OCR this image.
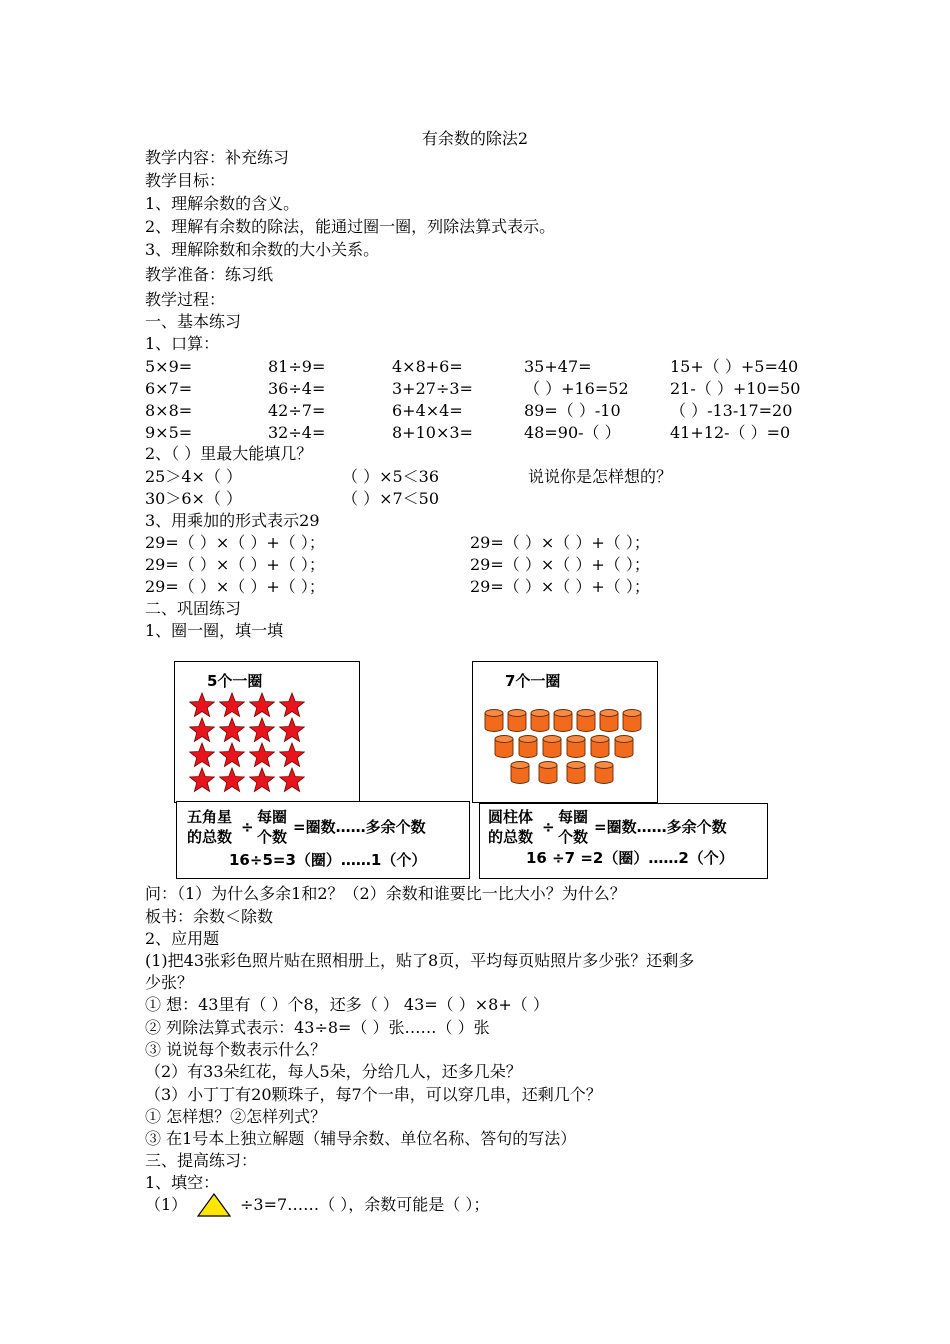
有余数的除法2
教学内容：补充练习
教学目标：
1、理解余数的含义。
2、理解有余数的除法，能通过圈一圈，列除法算式表示。
3、理解除数和余数的大小关系。
教学准备：练习纸
教学过程：
一、基本练习
1、口算：
5×9=	81÷9=	4×8+6=	35+47=	15+（ ）+5=40
6×7=	36÷4=	3+27÷3=	（ ）+16=52	21-（ ）+10=50
8×8=	42÷7=	6+4×4=	89=（ ）-10	（ ）-13-17=20
9×5=	32÷4=	8+10×3=	48=90-（ ）	41+12-（ ）=0
2、（ ）里最大能填几？
25＞4×（ ）	（ ）×5＜36	说说你是怎样想的？
30＞6×（ ）	（ ）×7＜50
3、用乘加的形式表示29
29=（ ）×（ ）+（ ）；	29=（ ）×（ ）+（ ）；
29=（ ）×（ ）+（ ）；	29=（ ）×（ ）+（ ）；
29=（ ）×（ ）+（ ）；	29=（ ）×（ ）+（ ）；
二、巩固练习
1、圈一圈，填一填
5个一圈	7个一圈
五角星
的总数
÷
每圈
个数
=圈数……多余个数
16÷5=3（圈）……1（个）
圆柱体
的总数
÷
每圈
个数
=圈数……多余个数
16 ÷7 =2（圈）……2（个）
问：（1）为什么多余1和2？（2）余数和谁要比一比大小？为什么？
板书：余数＜除数
2、应用题
(1)把43张彩色照片贴在照相册上，贴了8页，平均每页贴照片多少张？还剩多
少张？
① 想：43里有（ ）个8，还多（ ） 43=（ ）×8+（ ）
② 列除法算式表示：43÷8=（ ）张……（ ）张
③ 说说每个数表示什么？
（2）有33朵红花，每人5朵，分给几人，还多几朵？
（3）小丁丁有20颗珠子，每7个一串，可以穿几串，还剩几个？
① 怎样想？②怎样列式？
③ 在1号本上独立解题（辅导余数、单位名称、答句的写法）
三、提高练习：
1、填空：
（1）	÷3=7……（ ），余数可能是（ ）；
